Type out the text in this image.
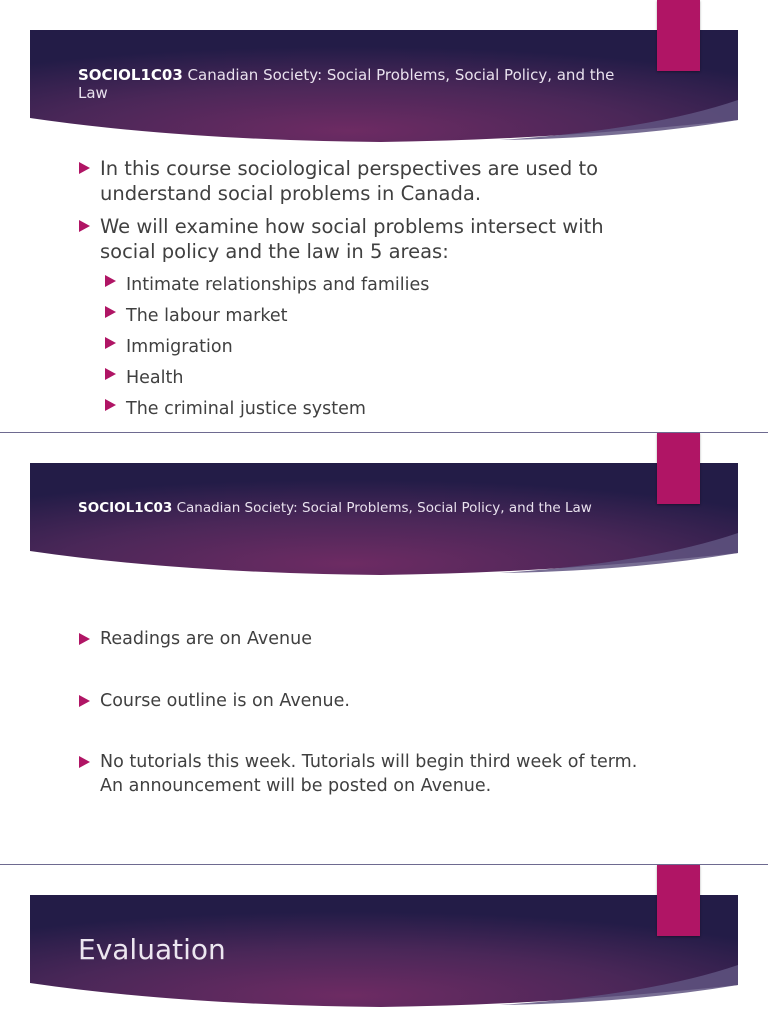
SOCIOL1C03 Canadian Society: Social Problems, Social Policy, and the Law
In this course sociological perspectives are used to understand social problems in Canada.
We will examine how social problems intersect with social policy and the law in 5 areas:
Intimate relationships and families
The labour market
Immigration
Health
The criminal justice system
SOCIOL1C03 Canadian Society: Social Problems, Social Policy, and the Law
Readings are on Avenue
Course outline is on Avenue.
No tutorials this week. Tutorials will begin third week of term. An announcement will be posted on Avenue.
Evaluation
